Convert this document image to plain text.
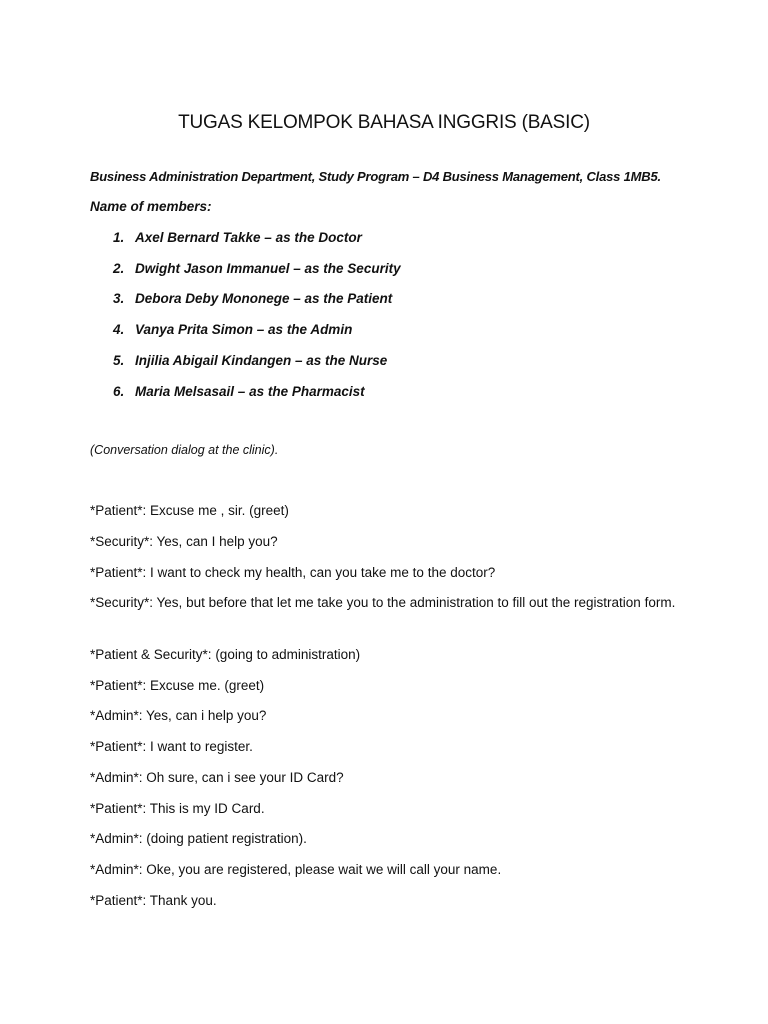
TUGAS KELOMPOK BAHASA INGGRIS (BASIC)
Business Administration Department, Study Program – D4 Business Management, Class 1MB5.
Name of members:
1. Axel Bernard Takke – as the Doctor
2. Dwight Jason Immanuel – as the Security
3. Debora Deby Mononege – as the Patient
4. Vanya Prita Simon – as the Admin
5. Injilia Abigail Kindangen – as the Nurse
6. Maria Melsasail – as the Pharmacist
(Conversation dialog at the clinic).
*Patient*: Excuse me , sir. (greet)
*Security*: Yes, can I help you?
*Patient*: I want to check my health, can you take me to the doctor?
*Security*: Yes, but before that let me take you to the administration to fill out the registration form.
*Patient & Security*: (going to administration)
*Patient*: Excuse me. (greet)
*Admin*: Yes, can i help you?
*Patient*: I want to register.
*Admin*: Oh sure, can i see your ID Card?
*Patient*: This is my ID Card.
*Admin*: (doing patient registration).
*Admin*: Oke, you are registered, please wait we will call your name.
*Patient*: Thank you.
